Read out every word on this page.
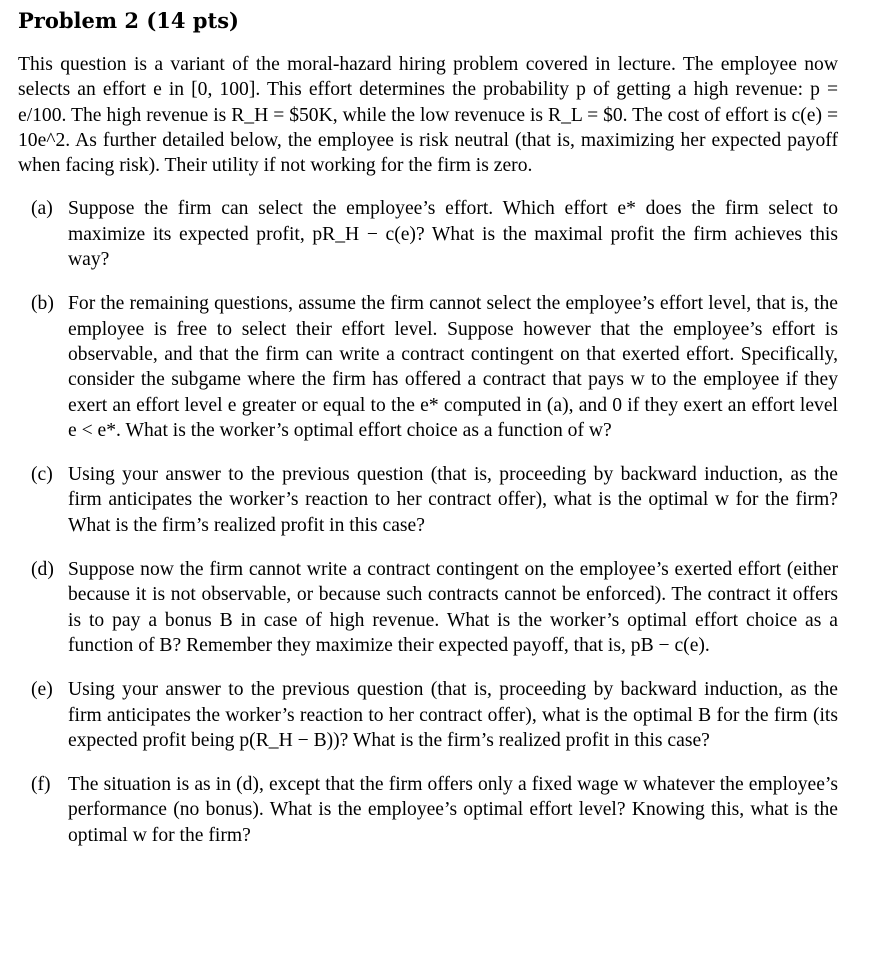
Problem 2 (14 pts)

This question is a variant of the moral-hazard hiring problem covered in lecture. The employee now selects an effort e in [0, 100]. This effort determines the probability p of getting a high revenue: p = e/100. The high revenue is R_H = $50K, while the low revenuce is R_L = $0. The cost of effort is c(e) = 10e^2. As further detailed below, the employee is risk neutral (that is, maximizing her expected payoff when facing risk). Their utility if not working for the firm is zero.

(a) Suppose the firm can select the employee’s effort. Which effort e* does the firm select to maximize its expected profit, pR_H − c(e)? What is the maximal profit the firm achieves this way?
(b) For the remaining questions, assume the firm cannot select the employee’s effort level, that is, the employee is free to select their effort level. Suppose however that the employee’s effort is observable, and that the firm can write a contract contingent on that exerted effort. Specifically, consider the subgame where the firm has offered a contract that pays w to the employee if they exert an effort level e greater or equal to the e* computed in (a), and 0 if they exert an effort level e < e*. What is the worker’s optimal effort choice as a function of w?
(c) Using your answer to the previous question (that is, proceeding by backward induction, as the firm anticipates the worker’s reaction to her contract offer), what is the optimal w for the firm? What is the firm’s realized profit in this case?
(d) Suppose now the firm cannot write a contract contingent on the employee’s exerted effort (either because it is not observable, or because such contracts cannot be enforced). The contract it offers is to pay a bonus B in case of high revenue. What is the worker’s optimal effort choice as a function of B? Remember they maximize their expected payoff, that is, pB − c(e).
(e) Using your answer to the previous question (that is, proceeding by backward induction, as the firm anticipates the worker’s reaction to her contract offer), what is the optimal B for the firm (its expected profit being p(R_H − B))? What is the firm’s realized profit in this case?
(f) The situation is as in (d), except that the firm offers only a fixed wage w whatever the employee’s performance (no bonus). What is the employee’s optimal effort level? Knowing this, what is the optimal w for the firm?
